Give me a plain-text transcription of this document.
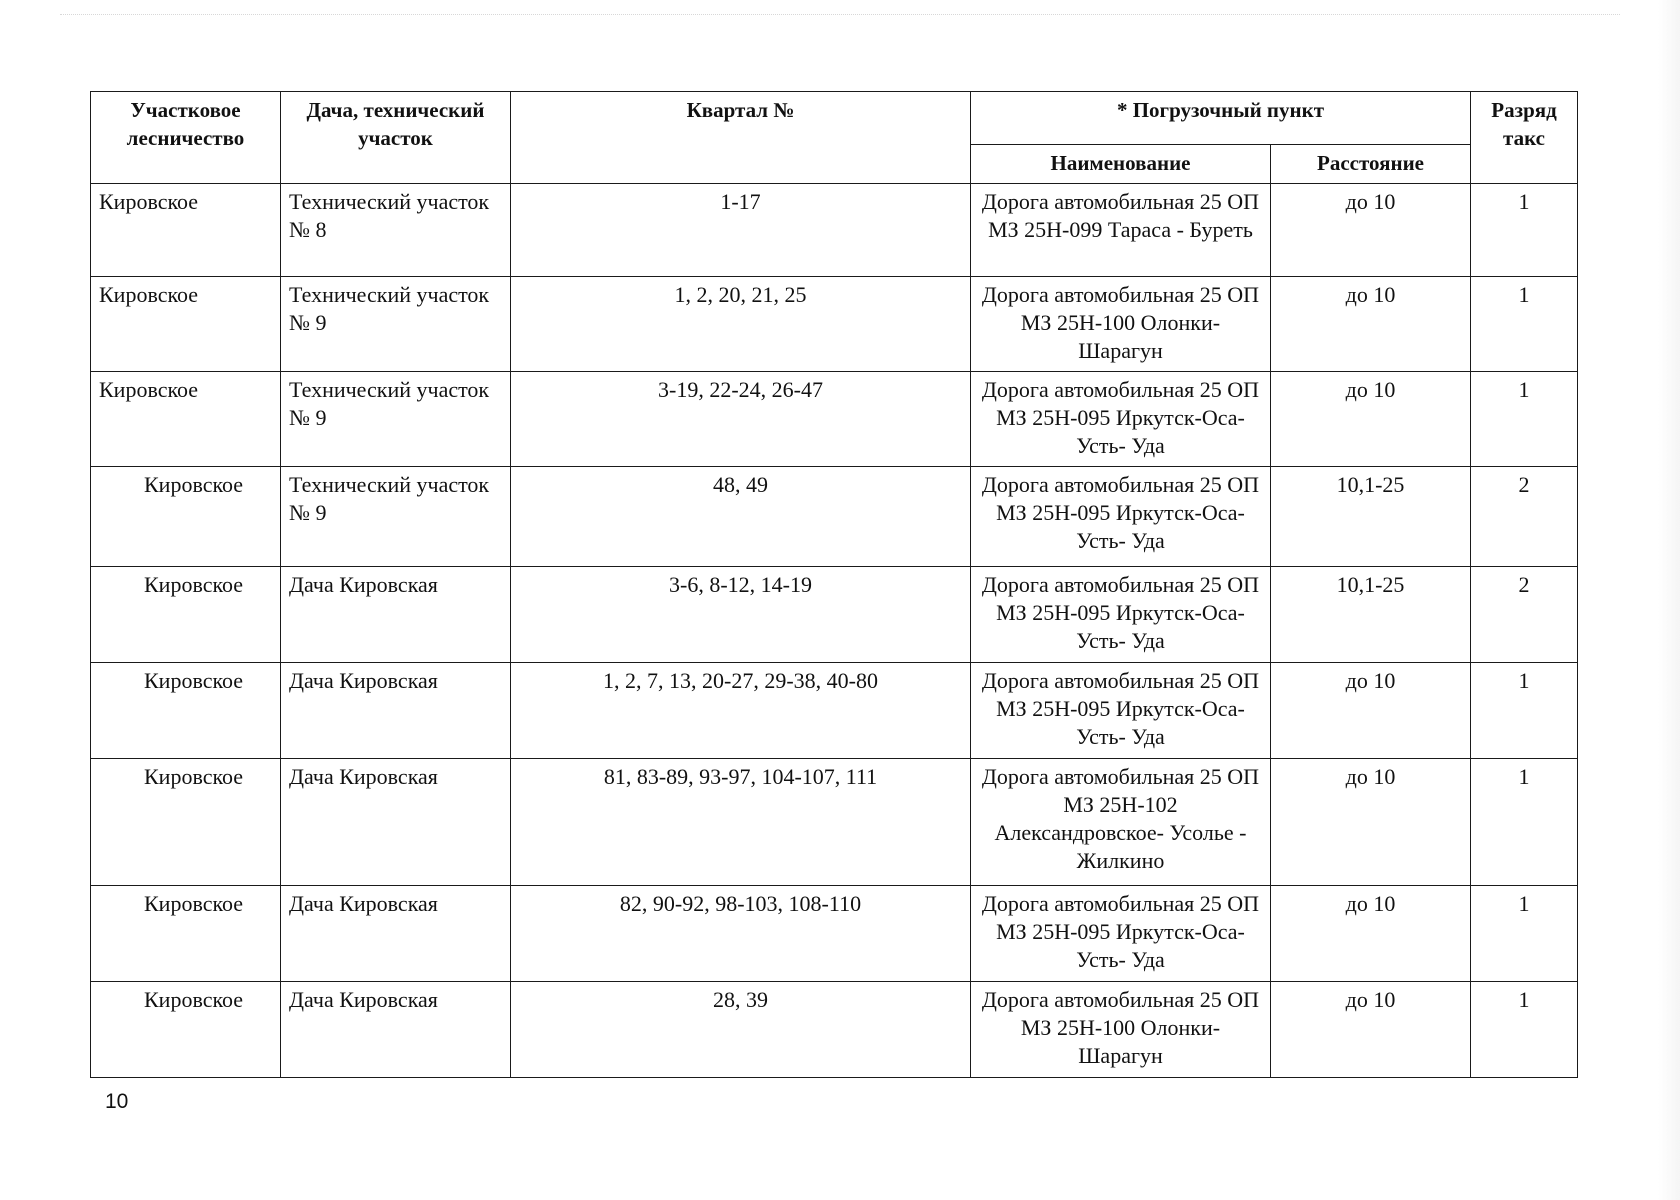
Участковое лесничество	Дача, технический участок	Квартал №	* Погрузочный пункт		Разряд такс
			Наименование	Расстояние	
Кировское	Технический участок № 8	1-17	Дорога автомобильная 25 ОП МЗ 25Н-099 Тараса - Буреть	до 10	1
Кировское	Технический участок № 9	1, 2, 20, 21, 25	Дорога автомобильная 25 ОП МЗ 25Н-100 Олонки-Шарагун	до 10	1
Кировское	Технический участок № 9	3-19, 22-24, 26-47	Дорога автомобильная 25 ОП МЗ 25Н-095 Иркутск-Оса-Усть- Уда	до 10	1
Кировское	Технический участок № 9	48, 49	Дорога автомобильная 25 ОП МЗ 25Н-095 Иркутск-Оса-Усть- Уда	10,1-25	2
Кировское	Дача Кировская	3-6, 8-12, 14-19	Дорога автомобильная 25 ОП МЗ 25Н-095 Иркутск-Оса-Усть- Уда	10,1-25	2
Кировское	Дача Кировская	1, 2, 7, 13, 20-27, 29-38, 40-80	Дорога автомобильная 25 ОП МЗ 25Н-095 Иркутск-Оса-Усть- Уда	до 10	1
Кировское	Дача Кировская	81, 83-89, 93-97, 104-107, 111	Дорога автомобильная 25 ОП МЗ 25Н-102 Александровское- Усолье - Жилкино	до 10	1
Кировское	Дача Кировская	82, 90-92, 98-103, 108-110	Дорога автомобильная 25 ОП МЗ 25Н-095 Иркутск-Оса-Усть- Уда	до 10	1
Кировское	Дача Кировская	28, 39	Дорога автомобильная 25 ОП МЗ 25Н-100 Олонки-Шарагун	до 10	1
10
